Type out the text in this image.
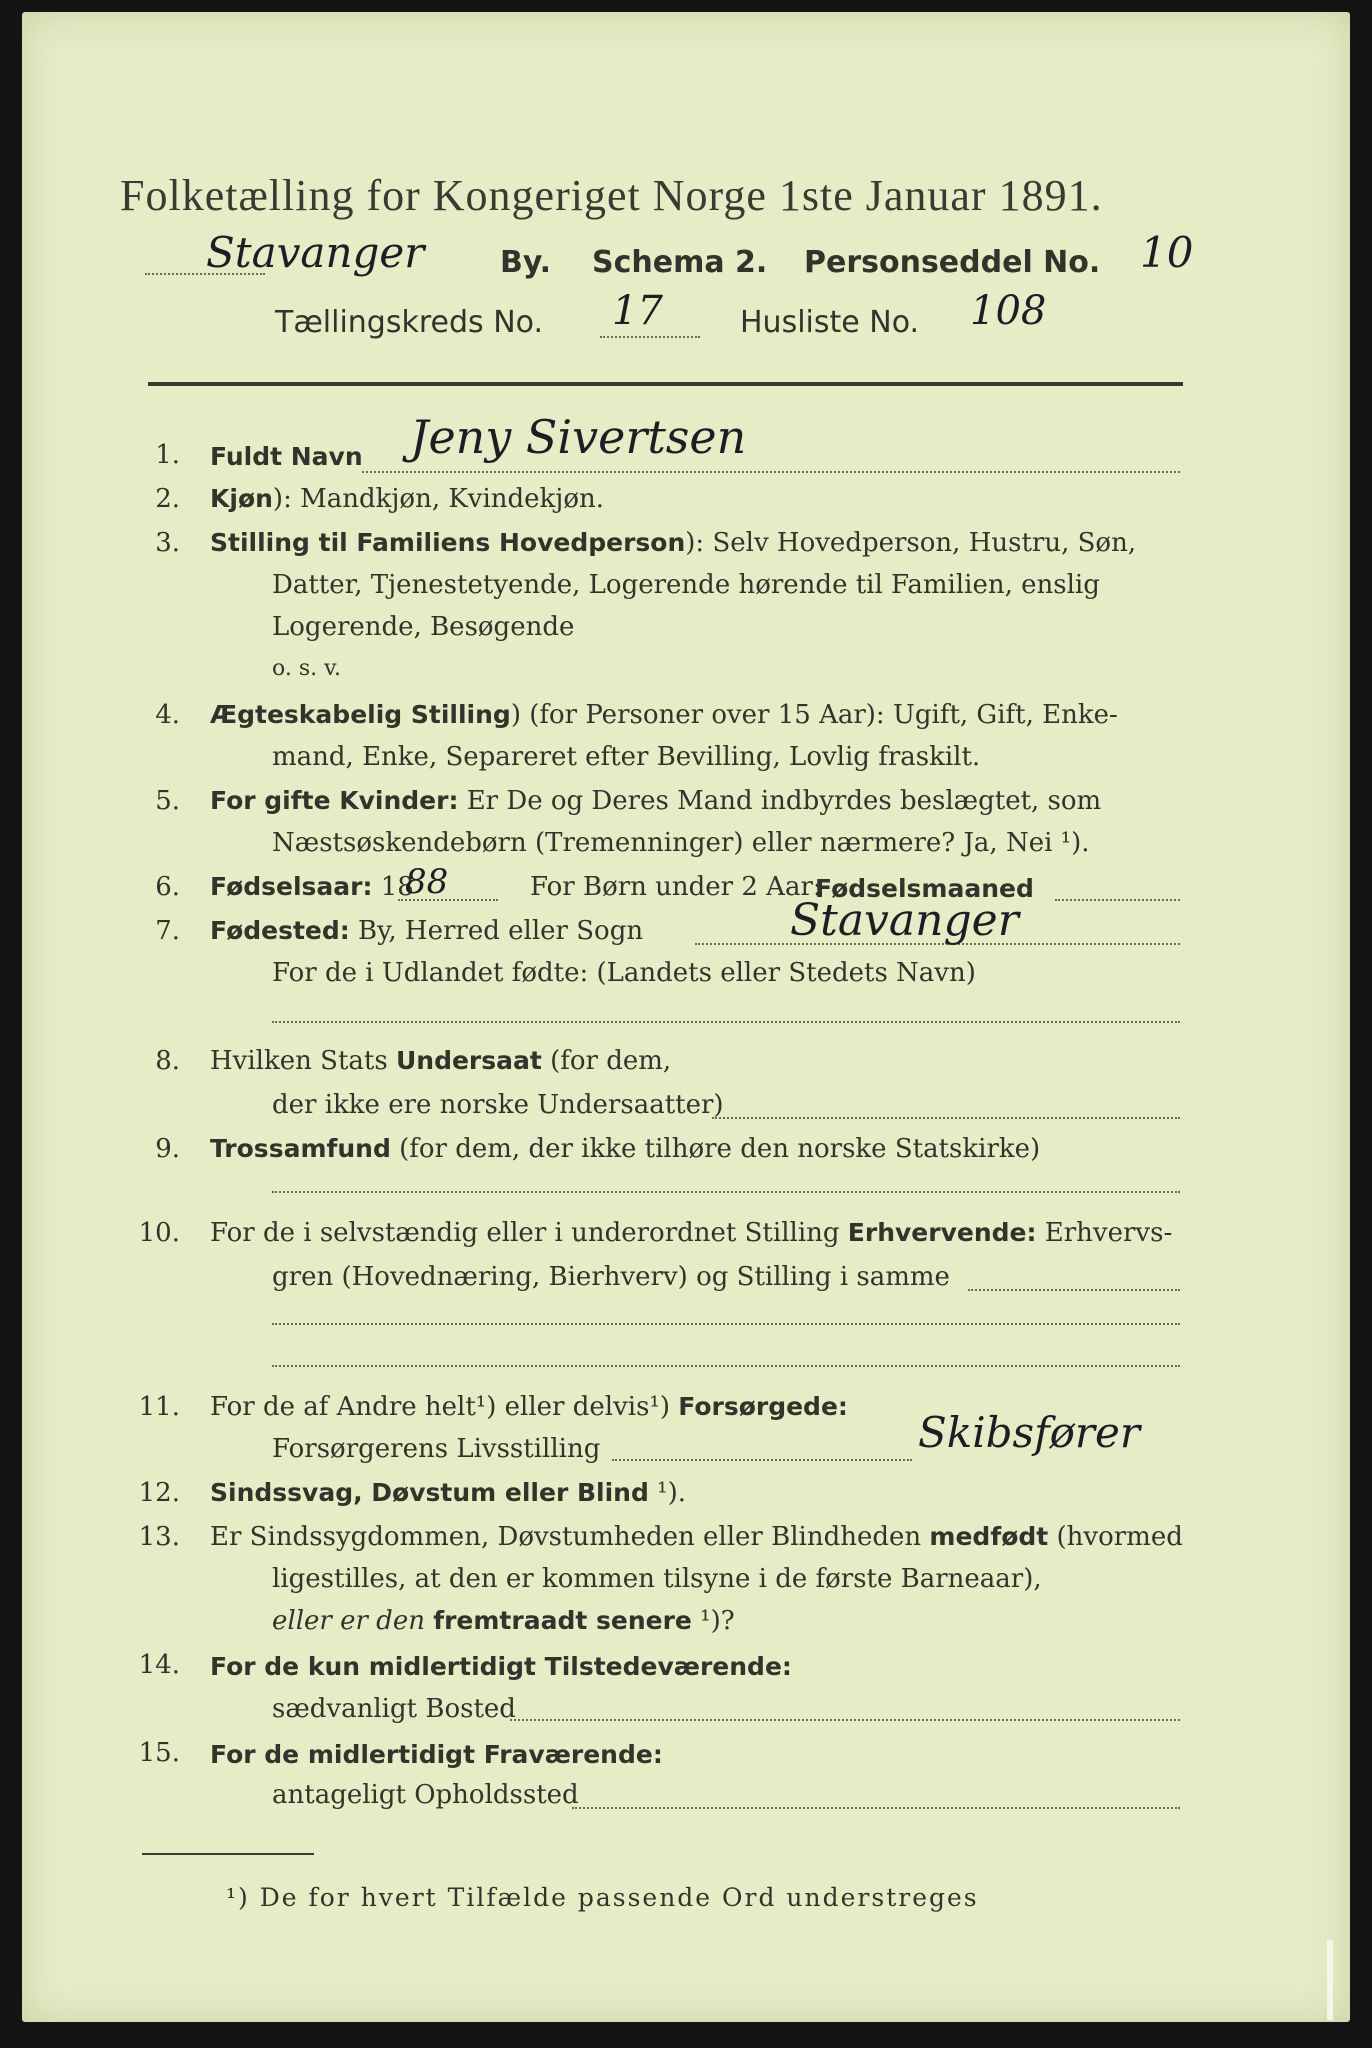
Folketælling for Kongeriget Norge 1ste Januar 1891.
Stavanger	By. Schema 2. Personseddel No. 10
Tællingskreds No. 17	Husliste No. 108
1. Fuldt Navn Jeny Sivertsen
2. Kjøn): Mandkjøn, Kvindekjøn.
3. Stilling til Familiens Hovedperson): Selv Hovedperson, Hustru, Søn,
Datter, Tjenestetyende, Logerende hørende til Familien, enslig
Logerende, Besøgende
o. s. v.
4. Ægteskabelig Stilling) (for Personer over 15 Aar): Ugift, Gift, Enke-
mand, Enke, Separeret efter Bevilling, Lovlig fraskilt.
5. For gifte Kvinder: Er De og Deres Mand indbyrdes beslægtet, som
Næstsøskendebørn (Tremenninger) eller nærmere? Ja, Nei ¹).
6. Fødselsaar: 18
88	For Børn under 2 Aar:
Fødselsmaaned
7. Fødested: By, Herred eller Sogn	Stavanger
For de i Udlandet fødte: (Landets eller Stedets Navn)
8. Hvilken Stats Undersaat (for dem,
der ikke ere norske Undersaatter)
9. Trossamfund (for dem, der ikke tilhøre den norske Statskirke)
10. For de i selvstændig eller i underordnet Stilling Erhvervende: Erhvervs-
gren (Hovednæring, Bierhverv) og Stilling i samme
11. For de af Andre helt¹) eller delvis¹) Forsørgede:
Forsørgerens Livsstilling	Skibsfører
12. Sindssvag, Døvstum eller Blind ¹).
13. Er Sindssygdommen, Døvstumheden eller Blindheden medfødt (hvormed
ligestilles, at den er kommen tilsyne i de første Barneaar),
eller er den fremtraadt senere ¹)?
14. For de kun midlertidigt Tilstedeværende:
sædvanligt Bosted
15. For de midlertidigt Fraværende:
antageligt Opholdssted
¹) De for hvert Tilfælde passende Ord understreges
